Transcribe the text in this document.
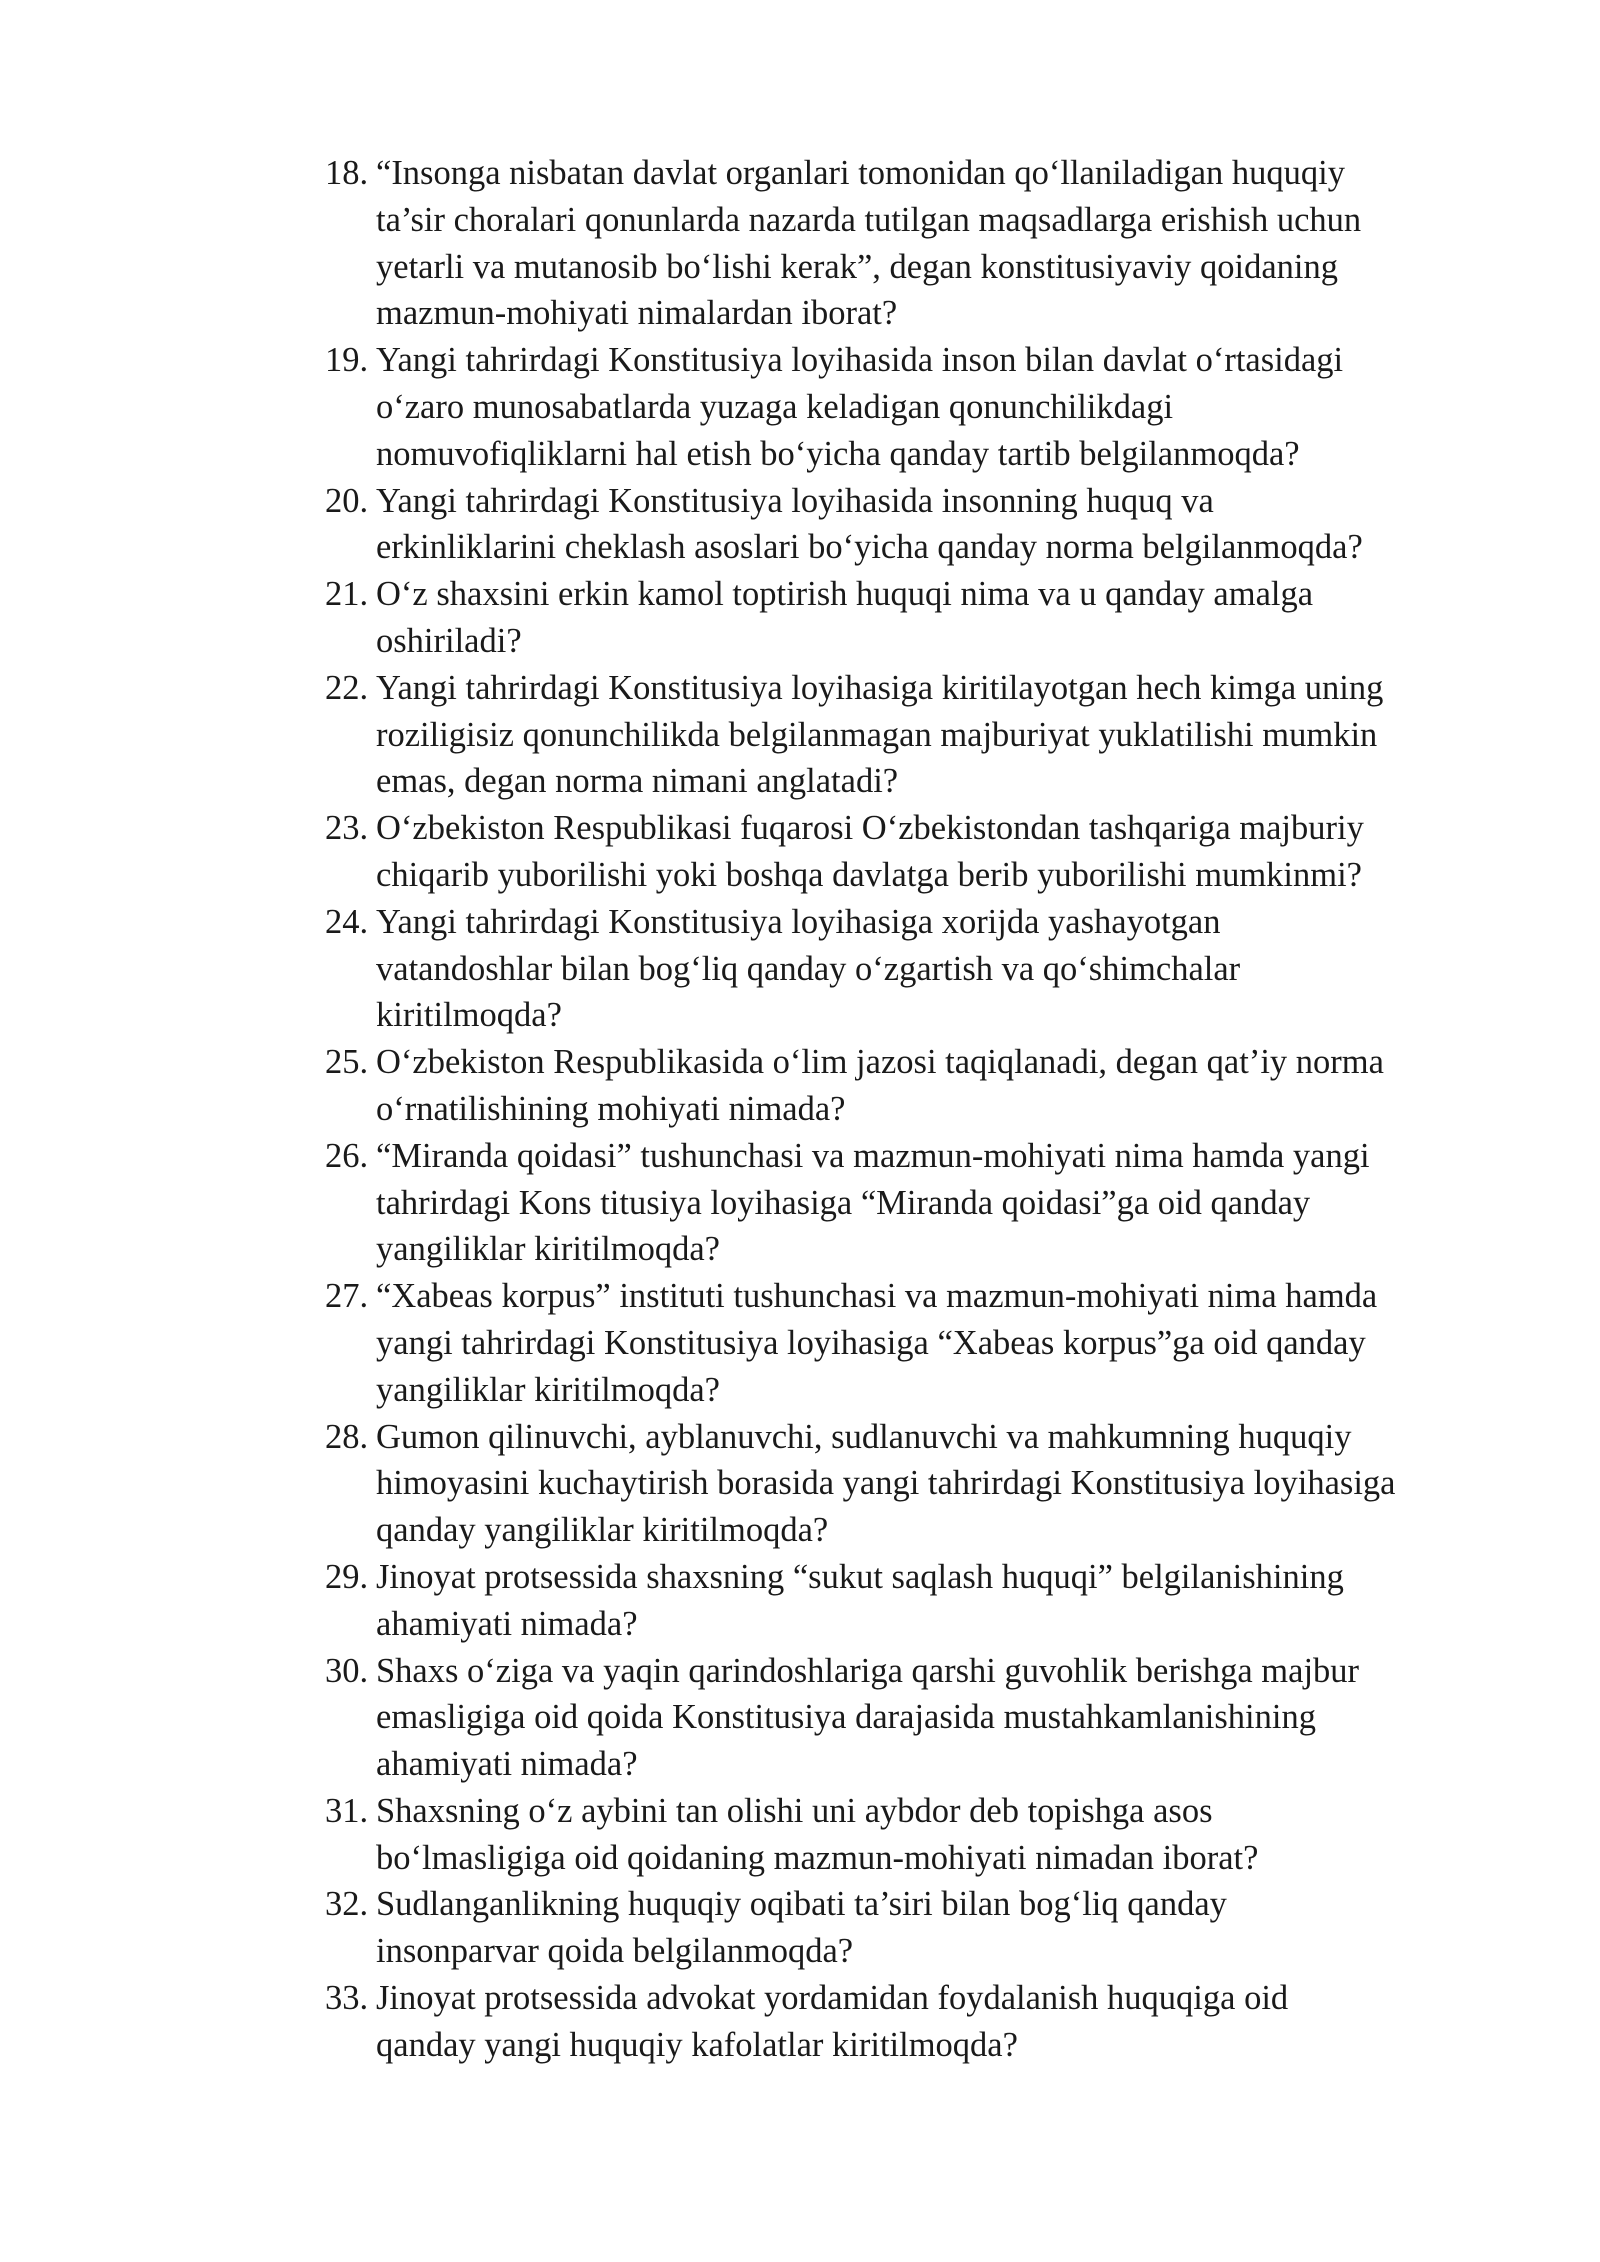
18. “Insonga nisbatan davlat organlari tomonidan qo‘llaniladigan huquqiy
ta’sir choralari qonunlarda nazarda tutilgan maqsadlarga erishish uchun
yetarli va mutanosib bo‘lishi kerak”, degan konstitusiyaviy qoidaning
mazmun-mohiyati nimalardan iborat?
19. Yangi tahrirdagi Konstitusiya loyihasida inson bilan davlat o‘rtasidagi
o‘zaro munosabatlarda yuzaga keladigan qonunchilikdagi
nomuvofiqliklarni hal etish bo‘yicha qanday tartib belgilanmoqda?
20. Yangi tahrirdagi Konstitusiya loyihasida insonning huquq va
erkinliklarini cheklash asoslari bo‘yicha qanday norma belgilanmoqda?
21. O‘z shaxsini erkin kamol toptirish huquqi nima va u qanday amalga
oshiriladi?
22. Yangi tahrirdagi Konstitusiya loyihasiga kiritilayotgan hech kimga uning
roziligisiz qonunchilikda belgilanmagan majburiyat yuklatilishi mumkin
emas, degan norma nimani anglatadi?
23. O‘zbekiston Respublikasi fuqarosi O‘zbekistondan tashqariga majburiy
chiqarib yuborilishi yoki boshqa davlatga berib yuborilishi mumkinmi?
24. Yangi tahrirdagi Konstitusiya loyihasiga xorijda yashayotgan
vatandoshlar bilan bog‘liq qanday o‘zgartish va qo‘shimchalar
kiritilmoqda?
25. O‘zbekiston Respublikasida o‘lim jazosi taqiqlanadi, degan qat’iy norma
o‘rnatilishining mohiyati nimada?
26. “Miranda qoidasi” tushunchasi va mazmun-mohiyati nima hamda yangi
tahrirdagi Kons titusiya loyihasiga “Miranda qoidasi”ga oid qanday
yangiliklar kiritilmoqda?
27. “Xabeas korpus” instituti tushunchasi va mazmun-mohiyati nima hamda
yangi tahrirdagi Konstitusiya loyihasiga “Xabeas korpus”ga oid qanday
yangiliklar kiritilmoqda?
28. Gumon qilinuvchi, ayblanuvchi, sudlanuvchi va mahkumning huquqiy
himoyasini kuchaytirish borasida yangi tahrirdagi Konstitusiya loyihasiga
qanday yangiliklar kiritilmoqda?
29. Jinoyat protsessida shaxsning “sukut saqlash huquqi” belgilanishining
ahamiyati nimada?
30. Shaxs o‘ziga va yaqin qarindoshlariga qarshi guvohlik berishga majbur
emasligiga oid qoida Konstitusiya darajasida mustahkamlanishining
ahamiyati nimada?
31. Shaxsning o‘z aybini tan olishi uni aybdor deb topishga asos
bo‘lmasligiga oid qoidaning mazmun-mohiyati nimadan iborat?
32. Sudlanganlikning huquqiy oqibati ta’siri bilan bog‘liq qanday
insonparvar qoida belgilanmoqda?
33. Jinoyat protsessida advokat yordamidan foydalanish huquqiga oid
qanday yangi huquqiy kafolatlar kiritilmoqda?
